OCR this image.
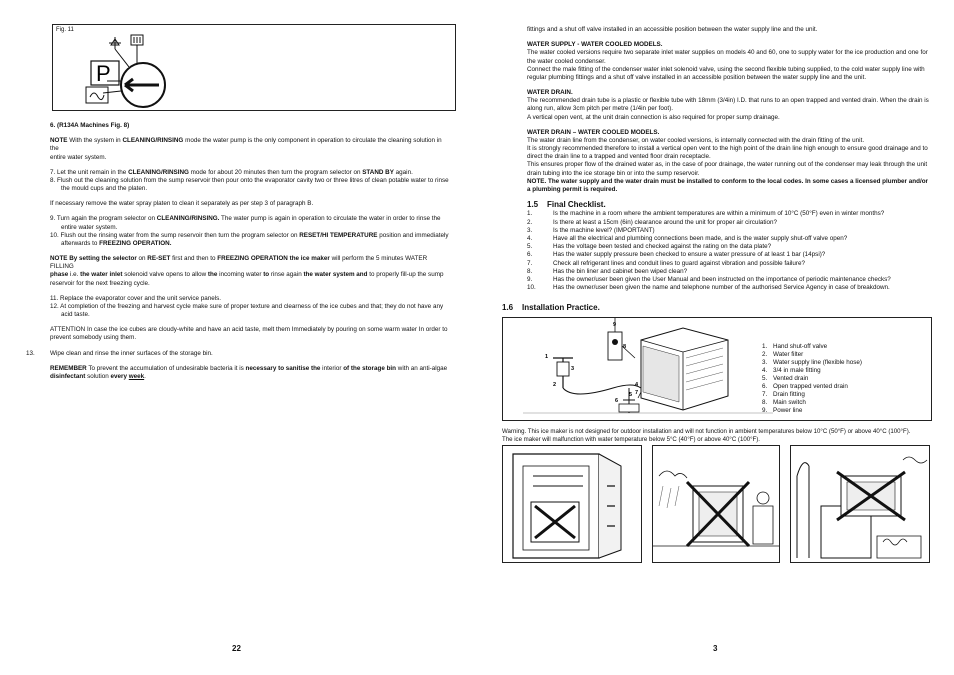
Fig. 11
P

6. (R134A Machines Fig. 8)

NOTE With the system in CLEANING/RINSING mode the water pump is the only component in operation to circulate the cleaning solution in the

entire water system.

7. Let the unit remain in the CLEANING/RINSING mode for about 20 minutes then turn the program selector on STAND BY again.

8. Flush out the cleaning solution from the sump reservoir then pour onto the evaporator cavity two or three litres of clean potable water to rinse

the mould cups and the platen.

If necessary remove the water spray platen to clean it separately as per step 3 of paragraph B.

9. Turn again the program selector on CLEANING/RINSING. The water pump is again in operation to circulate the water in order to rinse the

entire water system.

10. Flush out the rinsing water from the sump reservoir then turn the program selector on RESET/HI TEMPERATURE position and immediately

afterwards to FREEZING OPERATION.

NOTE By setting the selector on RE-SET first and then to FREEZING OPERATION the ice maker will perform the 5 minutes WATER FILLING

phase i.e. the water inlet solenoid valve opens to allow the incoming water to rinse again the water system and to properly fill-up the sump

reservoir for the next freezing cycle.

11. Replace the evaporator cover and the unit service panels.

12. At completion of the freezing and harvest cycle make sure of proper texture and clearness of the ice cubes and that; they do not have any

acid taste.

ATTENTION In case the ice cubes are cloudy-white and have an acid taste, melt them Immediately by pouring on some warm water In order to prevent somebody using them.

13. Wipe clean and rinse the inner surfaces of the storage bin.

REMEMBER To prevent the accumulation of undesirable bacteria it is necessary to sanitise the interior of the storage bin with an anti-algae disinfectant solution every week.

22

fittings and a shut off valve installed in an accessible position between the water supply line and the unit.

WATER SUPPLY - WATER COOLED MODELS.

The water cooled versions require two separate inlet water supplies on models 40 and 60, one to supply water for the ice production and one for the water cooled condenser.

Connect the male fitting of the condenser water inlet solenoid valve, using the second flexible tubing supplied, to the cold water supply line with regular plumbing fittings and a shut off valve installed in an accessible position between the water supply line and the unit.

WATER DRAIN.

The recommended drain tube is a plastic or flexible tube with 18mm (3/4in) I.D. that runs to an open trapped and vented drain. When the drain is along run, allow 3cm pitch per metre (1/4in per foot).

A vertical open vent, at the unit drain connection is also required for proper sump drainage.

WATER DRAIN – WATER COOLED MODELS.

The water drain line from the condenser, on water cooled versions, is internally connected with the drain fitting of the unit.

It is strongly recommended therefore to install a vertical open vent to the high point of the drain line high enough to ensure good drainage and to direct the drain line to a trapped and vented floor drain receptacle.

This ensures proper flow of the drained water as, in the case of poor drainage, the water running out of the condenser may leak through the unit drain tubing into the ice storage bin or into the sump reservoir.

NOTE. The water supply and the water drain must be installed to conform to the local codes. In some cases a licensed plumber and/or a plumbing permit is required.

1.5 Final Checklist.
1.	Is the machine in a room where the ambient temperatures are within a minimum of 10°C (50°F) even in winter months?
2.	Is there at least a 15cm (6in) clearance around the unit for proper air circulation?
3.	Is the machine level? (IMPORTANT)
4.	Have all the electrical and plumbing connections been made, and is the water supply shut-off valve open?
5.	Has the voltage been tested and checked against the rating on the data plate?
6.	Has the water supply pressure been checked to ensure a water pressure of at least 1 bar (14psi)?
7.	Check all refrigerant lines and conduit lines to guard against vibration and possible failure?
8.	Has the bin liner and cabinet been wiped clean?
9.	Has the owner/user been given the User Manual and been instructed on the importance of periodic maintenance checks?
10.	Has the owner/user been given the name and telephone number of the authorised Service Agency in case of breakdown.
1.6 Installation Practice.
9
8
1
2
3
4
7
6
5
1. Hand shut-off valve
2. Water filter
3. Water supply line (flexible hose)
4. 3/4 in male fitting
5. Vented drain
6. Open trapped vented drain
7. Drain fitting
8. Main switch
9. Power line
3

Warning. This ice maker is not designed for outdoor installation and will not function in ambient temperatures below 10°C (50°F) or above 40°C (100°F).

The ice maker will malfunction with water temperature below 5°C (40°F) or above 40°C (100°F).
